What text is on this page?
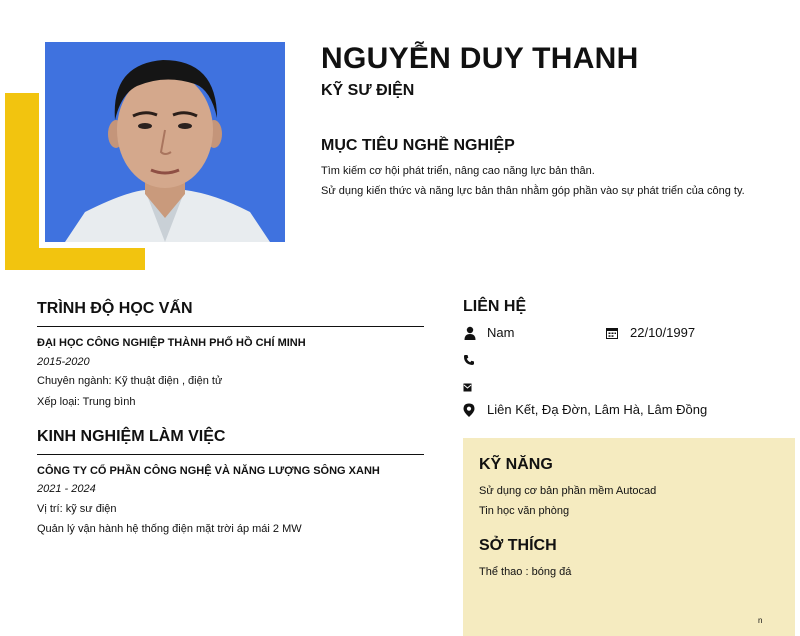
NGUYỄN DUY THANH
KỸ SƯ ĐIỆN
MỤC TIÊU NGHỀ NGHIỆP
Tìm kiếm cơ hội phát triển, nâng cao năng lực bản thân.
Sử dụng kiến thức và năng lực bản thân nhằm góp phần vào sự phát triển của công ty.
TRÌNH ĐỘ HỌC VẤN
ĐẠI HỌC CÔNG NGHIỆP THÀNH PHỐ HỒ CHÍ MINH
2015-2020
Chuyên ngành: Kỹ thuật điện , điện tử
Xếp loại: Trung bình
KINH NGHIỆM LÀM VIỆC
CÔNG TY CỔ PHẦN CÔNG NGHỆ VÀ NĂNG LƯỢNG SÔNG XANH
2021 - 2024
Vị trí: kỹ sư điện
Quản lý vận hành hệ thống điện mặt trời áp mái 2 MW
LIÊN HỆ
Nam	22/10/1997
Liên Kết, Đạ Đờn, Lâm Hà, Lâm Đồng
KỸ NĂNG
Sử dụng cơ bản phần mềm Autocad
Tin học văn phòng
SỞ THÍCH
Thể thao : bóng đá
n
